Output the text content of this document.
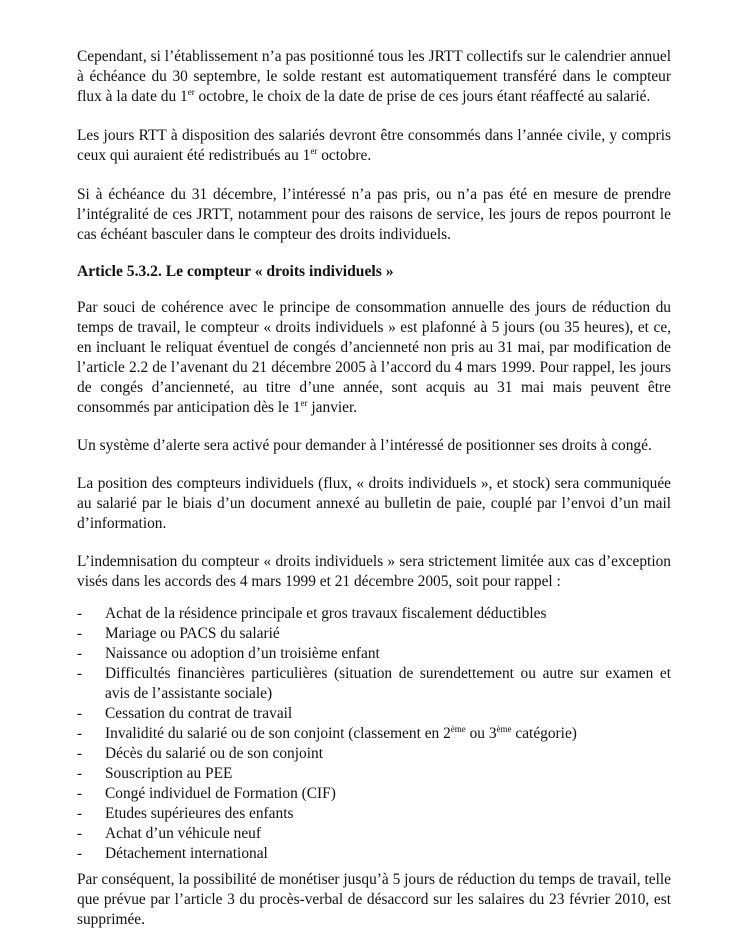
Cependant, si l’établissement n’a pas positionné tous les JRTT collectifs sur le calendrier annuel à échéance du 30 septembre, le solde restant est automatiquement transféré dans le compteur flux à la date du 1er octobre, le choix de la date de prise de ces jours étant réaffecté au salarié.

Les jours RTT à disposition des salariés devront être consommés dans l’année civile, y compris ceux qui auraient été redistribués au 1er octobre.

Si à échéance du 31 décembre, l’intéressé n’a pas pris, ou n’a pas été en mesure de prendre l’intégralité de ces JRTT, notamment pour des raisons de service, les jours de repos pourront le cas échéant basculer dans le compteur des droits individuels.

Article 5.3.2. Le compteur « droits individuels »

Par souci de cohérence avec le principe de consommation annuelle des jours de réduction du temps de travail, le compteur « droits individuels » est plafonné à 5 jours (ou 35 heures), et ce, en incluant le reliquat éventuel de congés d’ancienneté non pris au 31 mai, par modification de l’article 2.2 de l’avenant du 21 décembre 2005 à l’accord du 4 mars 1999. Pour rappel, les jours de congés d’ancienneté, au titre d’une année, sont acquis au 31 mai mais peuvent être consommés par anticipation dès le 1er janvier.

Un système d’alerte sera activé pour demander à l’intéressé de positionner ses droits à congé.

La position des compteurs individuels (flux, « droits individuels », et stock) sera communiquée au salarié par le biais d’un document annexé au bulletin de paie, couplé par l’envoi d’un mail d’information.

L’indemnisation du compteur « droits individuels » sera strictement limitée aux cas d’exception visés dans les accords des 4 mars 1999 et 21 décembre 2005, soit pour rappel :

- Achat de la résidence principale et gros travaux fiscalement déductibles
- Mariage ou PACS du salarié
- Naissance ou adoption d’un troisième enfant
- Difficultés financières particulières (situation de surendettement ou autre sur examen et avis de l’assistante sociale)
- Cessation du contrat de travail
- Invalidité du salarié ou de son conjoint (classement en 2ème ou 3ème catégorie)
- Décès du salarié ou de son conjoint
- Souscription au PEE
- Congé individuel de Formation (CIF)
- Etudes supérieures des enfants
- Achat d’un véhicule neuf
- Détachement international

Par conséquent, la possibilité de monétiser jusqu’à 5 jours de réduction du temps de travail, telle que prévue par l’article 3 du procès-verbal de désaccord sur les salaires du 23 février 2010, est supprimée.
